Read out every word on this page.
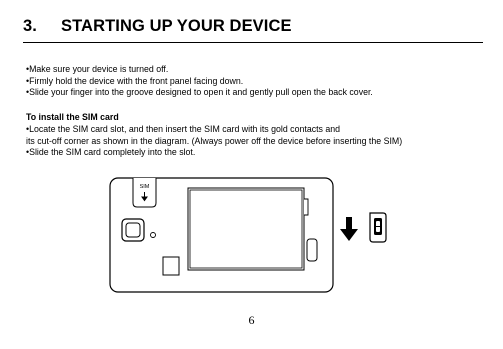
3. STARTING UP YOUR DEVICE
•Make sure your device is turned off.
•Firmly hold the device with the front panel facing down.
•Slide your finger into the groove designed to open it and gently pull open the back cover.

To install the SIM card

•Locate the SIM card slot, and then insert the SIM card with its gold contacts and
its cut-off corner as shown in the diagram. (Always power off the device before inserting the SIM)
•Slide the SIM card completely into the slot.
SIM
6
